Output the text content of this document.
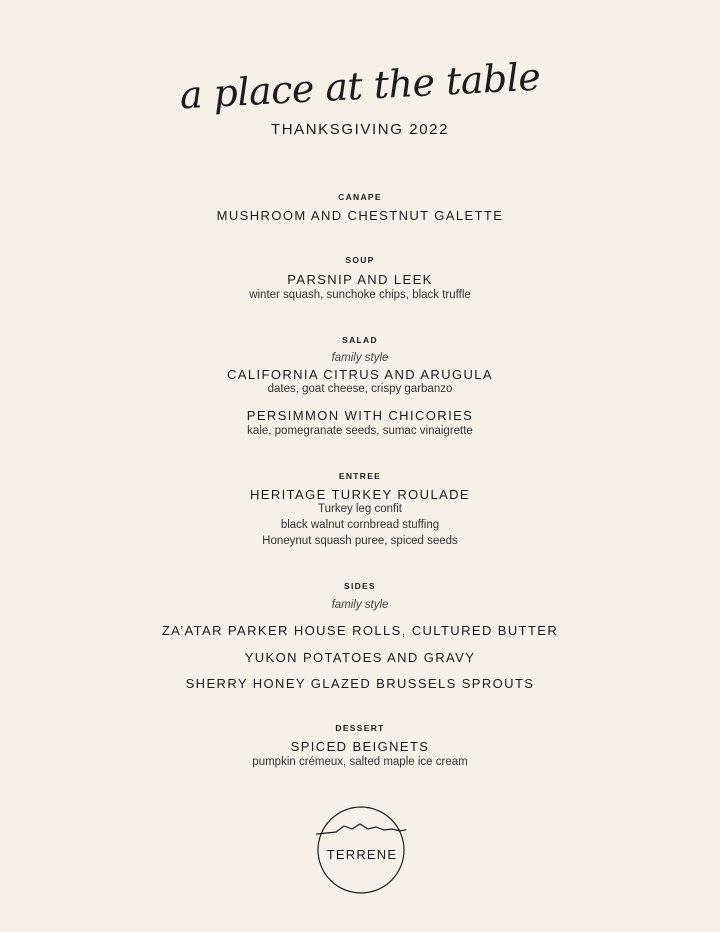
a place at the table
THANKSGIVING 2022
CANAPE
MUSHROOM AND CHESTNUT GALETTE
SOUP
PARSNIP AND LEEK
winter squash, sunchoke chips, black truffle
SALAD
family style
CALIFORNIA CITRUS AND ARUGULA
dates, goat cheese, crispy garbanzo
PERSIMMON WITH CHICORIES
kale, pomegranate seeds, sumac vinaigrette
ENTREE
HERITAGE TURKEY ROULADE
Turkey leg confit
black walnut cornbread stuffing
Honeynut squash puree, spiced seeds
SIDES
family style
ZA’ATAR PARKER HOUSE ROLLS, CULTURED BUTTER
YUKON POTATOES AND GRAVY
SHERRY HONEY GLAZED BRUSSELS SPROUTS
DESSERT
SPICED BEIGNETS
pumpkin crémeux, salted maple ice cream
TERRENE
